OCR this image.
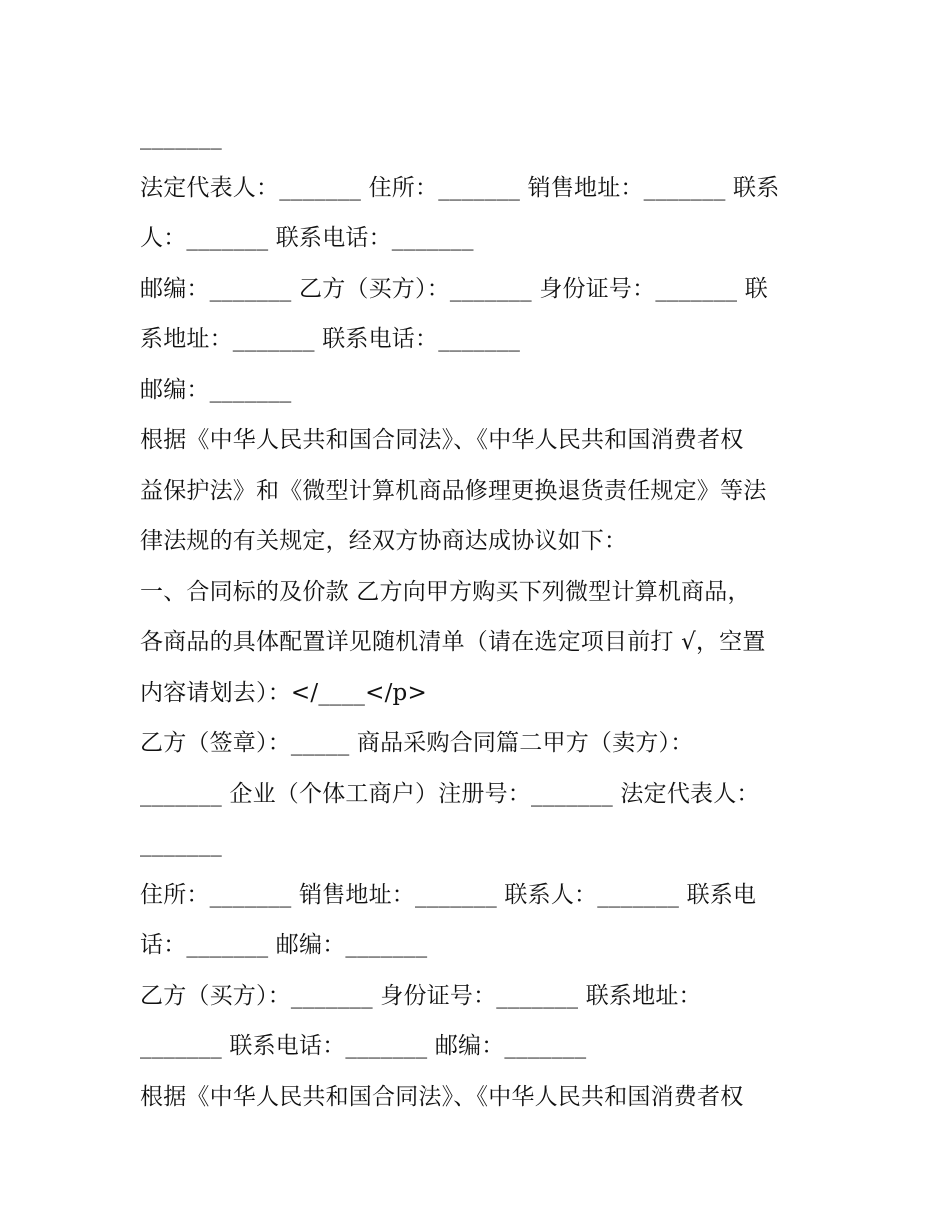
_______
法定代表人：_______ 住所：_______ 销售地址：_______ 联系
人：_______ 联系电话：_______
邮编：_______ 乙方（买方）：_______ 身份证号：_______ 联
系地址：_______ 联系电话：_______
邮编：_______
根据《中华人民共和国合同法》、《中华人民共和国消费者权
益保护法》和《微型计算机商品修理更换退货责任规定》等法
律法规的有关规定，经双方协商达成协议如下：
一、合同标的及价款 乙方向甲方购买下列微型计算机商品，
各商品的具体配置详见随机清单（请在选定项目前打 √，空置
内容请划去）：</____</p>
乙方（签章）：_____ 商品采购合同篇二甲方（卖方）：
_______ 企业（个体工商户）注册号：_______ 法定代表人：
_______
住所：_______ 销售地址：_______ 联系人：_______ 联系电
话：_______ 邮编：_______
乙方（买方）：_______ 身份证号：_______ 联系地址：
_______ 联系电话：_______ 邮编：_______
根据《中华人民共和国合同法》、《中华人民共和国消费者权
